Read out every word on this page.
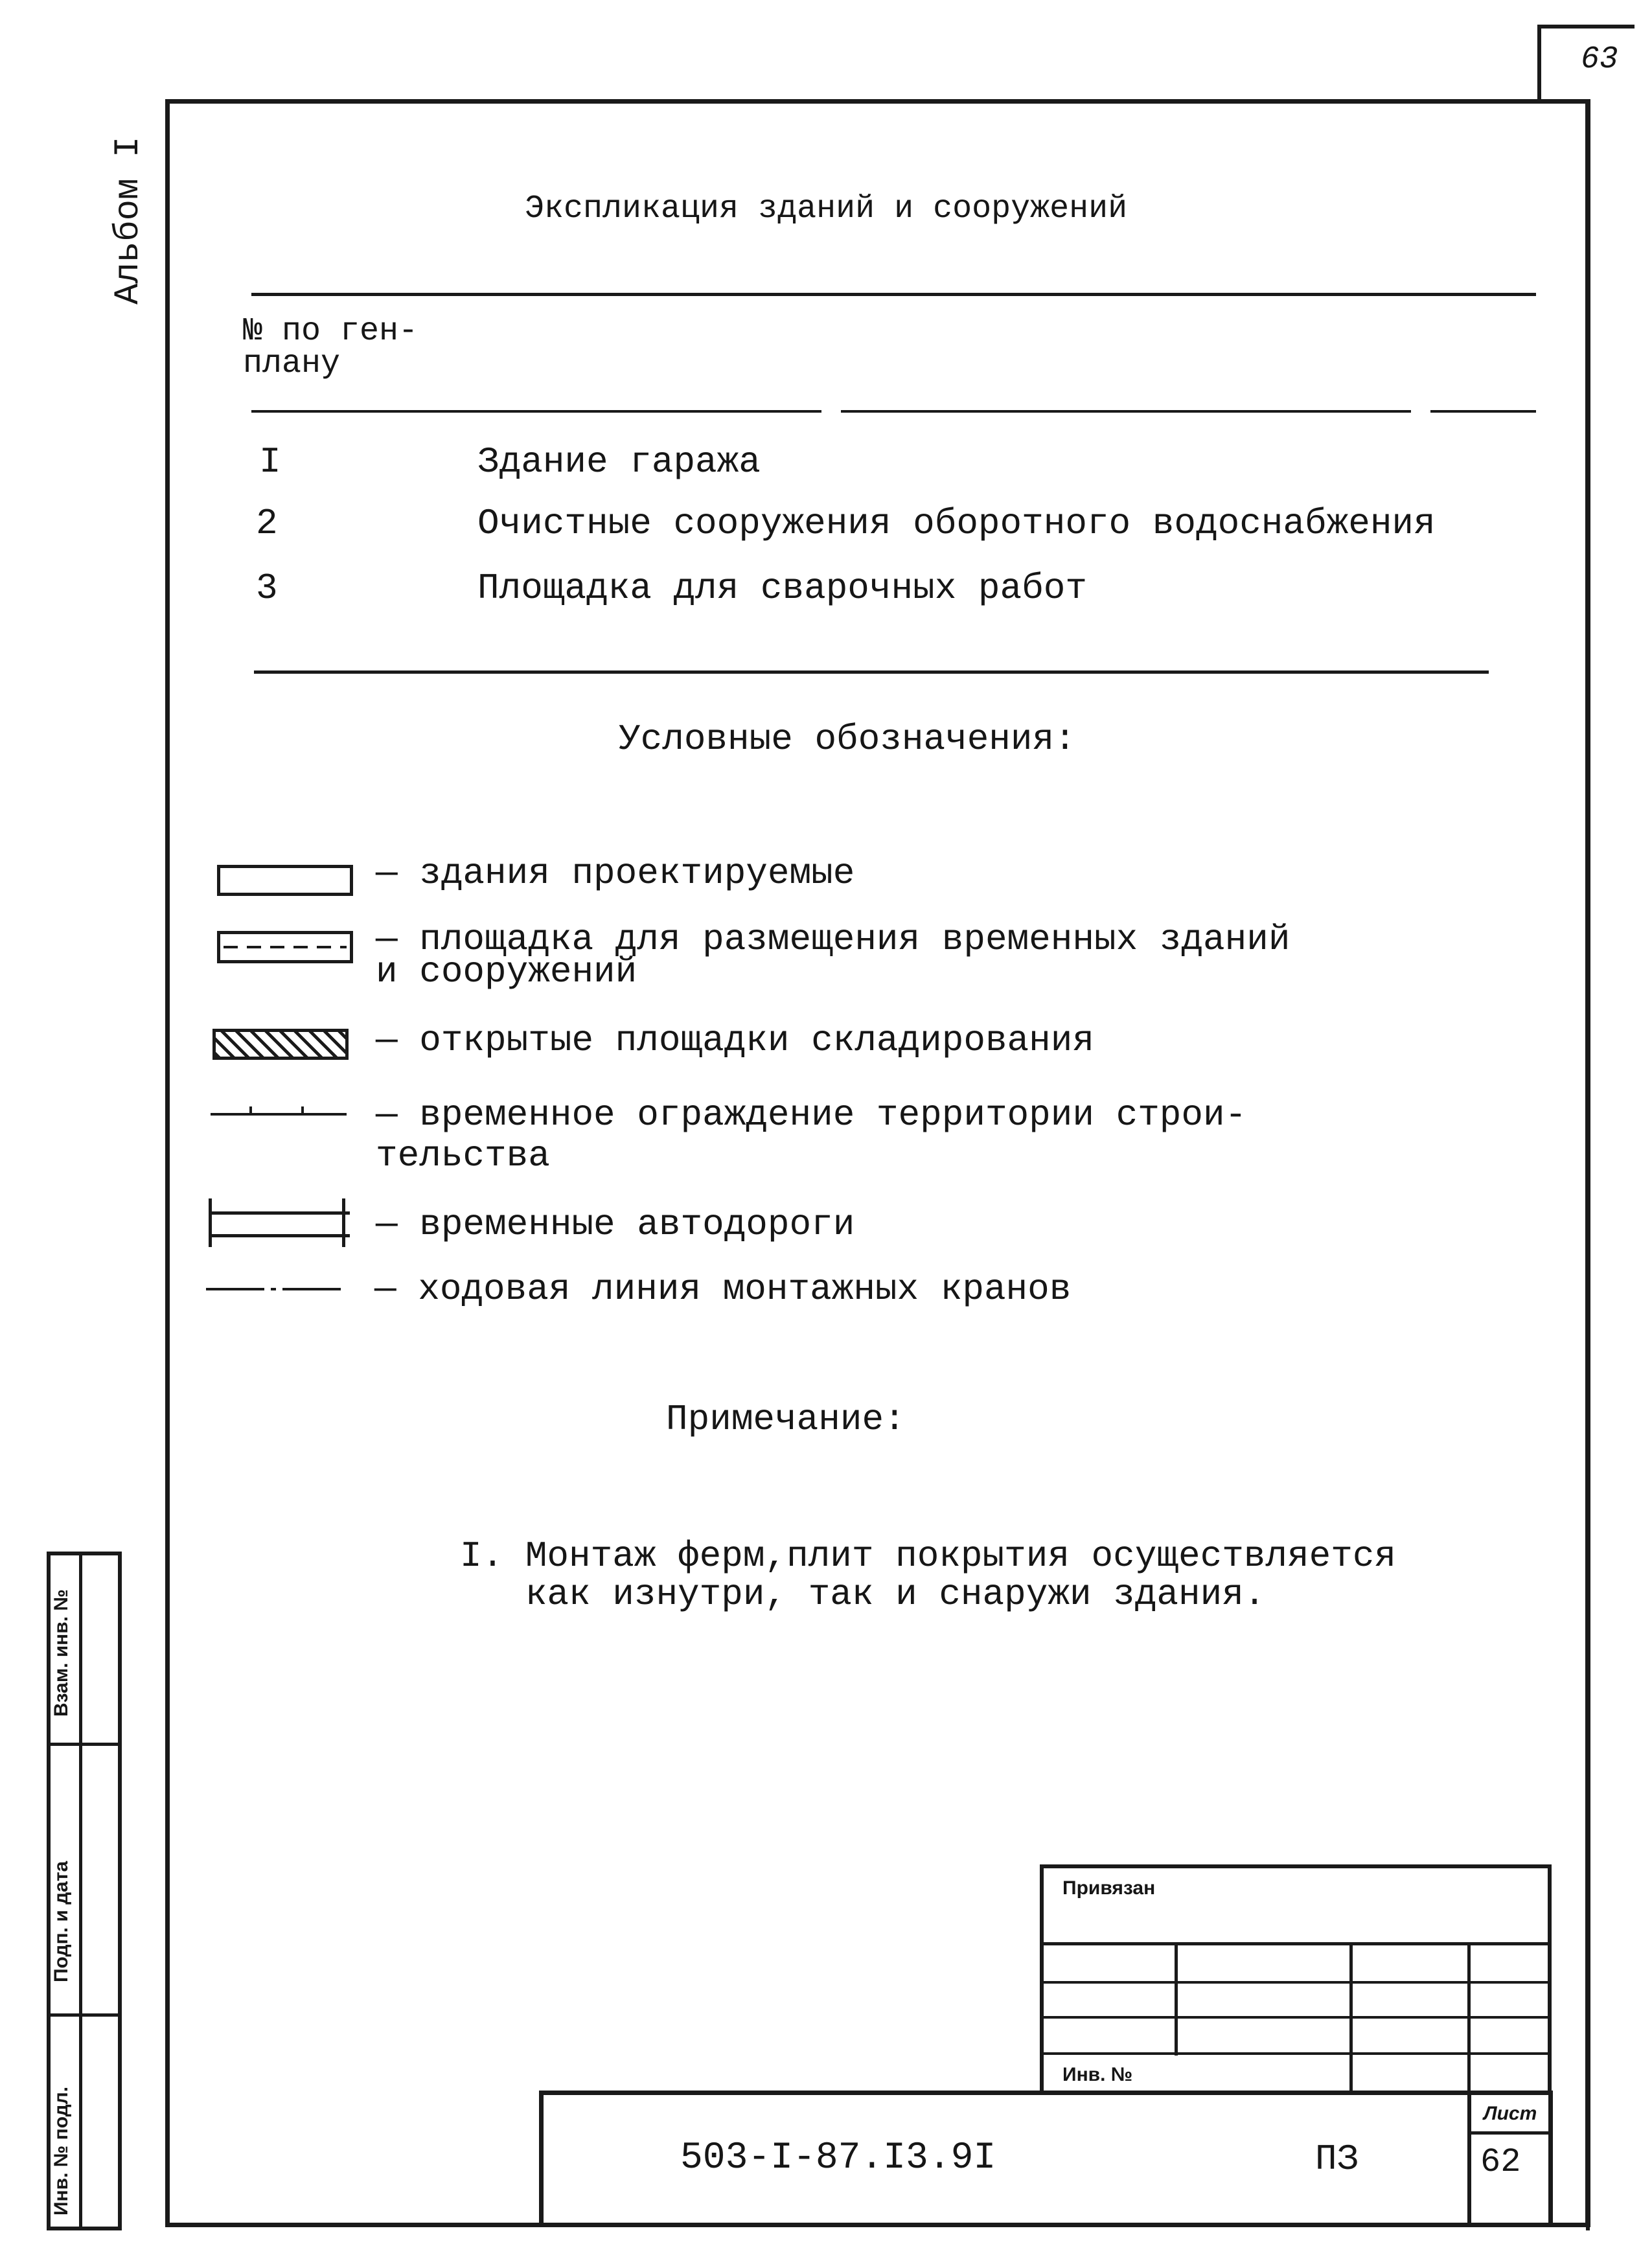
63
Альбом I	Экспликация зданий и сооружений
№ по ген-
плану
I	Здание гаража
2	Очистные сооружения оборотного водоснабжения
3	Площадка для сварочных работ
Условные обозначения:
— здания проектируемые
— площадка для размещения временных зданий
и сооружений
— открытые площадки складирования
— временное ограждение территории строи-
тельства
— временные автодороги
— ходовая линия монтажных кранов
Примечание:
I. Монтаж ферм,плит покрытия осуществляется
как изнутри, так и снаружи здания.
Взам. инв. №
Подп. и дата
Инв. № подл.
Привязан
Инв. №
503-I-87.I3.9I	ПЗ
Лист
62
